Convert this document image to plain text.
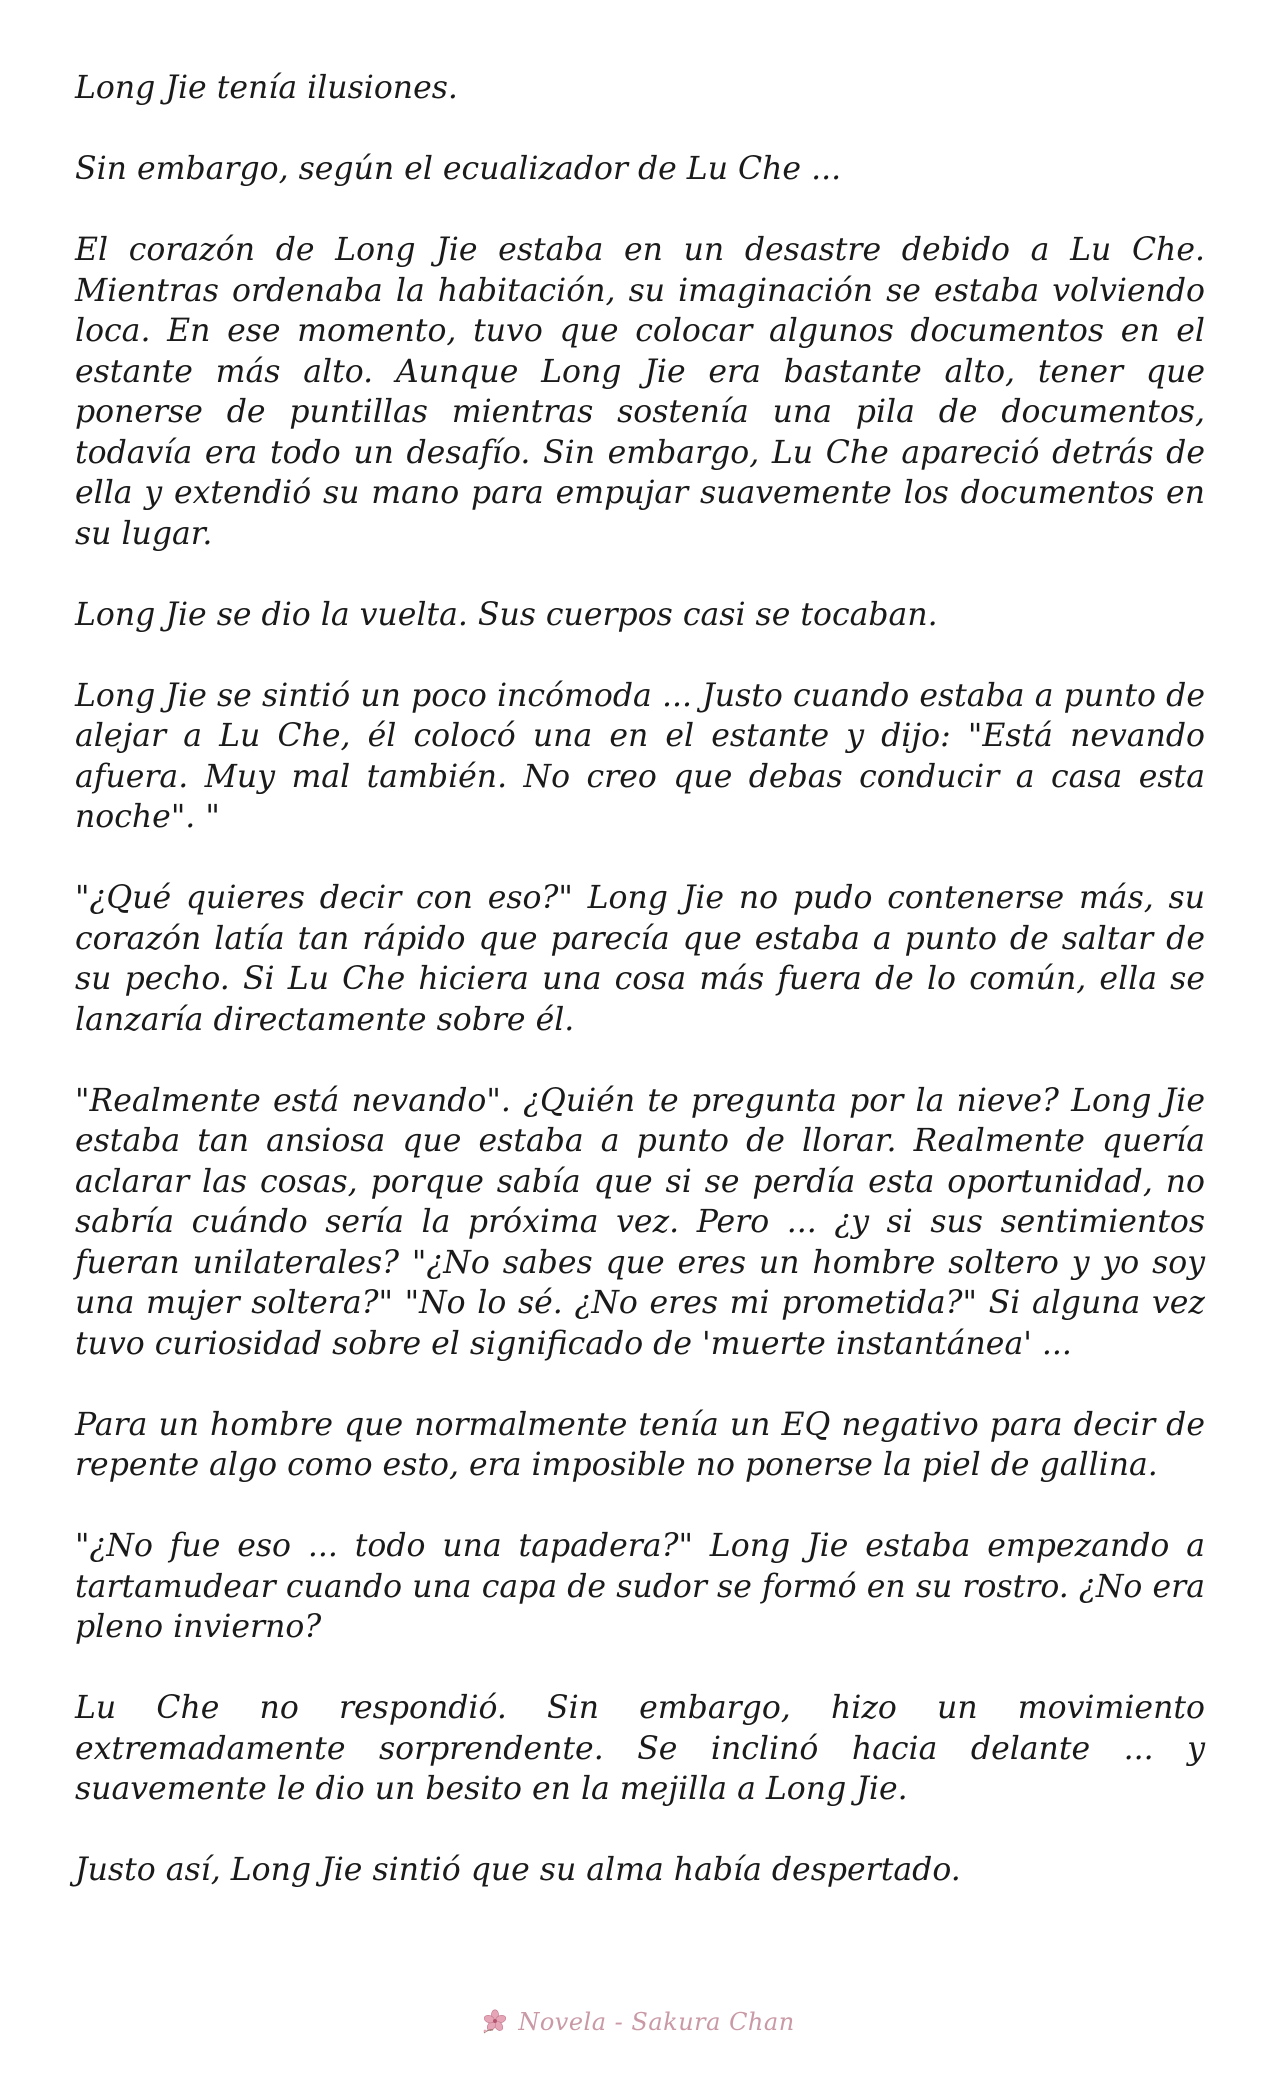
Long Jie tenía ilusiones.

Sin embargo, según el ecualizador de Lu Che ...

El corazón de Long Jie estaba en un desastre debido a Lu Che. Mientras ordenaba la habitación, su imaginación se estaba volviendo loca. En ese momento, tuvo que colocar algunos documentos en el estante más alto. Aunque Long Jie era bastante alto, tener que ponerse de puntillas mientras sostenía una pila de documentos, todavía era todo un desafío. Sin embargo, Lu Che apareció detrás de ella y extendió su mano para empujar suavemente los documentos en su lugar.

Long Jie se dio la vuelta. Sus cuerpos casi se tocaban.

Long Jie se sintió un poco incómoda ... Justo cuando estaba a punto de alejar a Lu Che, él colocó una en el estante y dijo: "Está nevando afuera. Muy mal también. No creo que debas conducir a casa esta noche". "

"¿Qué quieres decir con eso?" Long Jie no pudo contenerse más, su corazón latía tan rápido que parecía que estaba a punto de saltar de su pecho. Si Lu Che hiciera una cosa más fuera de lo común, ella se lanzaría directamente sobre él.

"Realmente está nevando". ¿Quién te pregunta por la nieve? Long Jie estaba tan ansiosa que estaba a punto de llorar. Realmente quería aclarar las cosas, porque sabía que si se perdía esta oportunidad, no sabría cuándo sería la próxima vez. Pero ... ¿y si sus sentimientos fueran unilaterales? "¿No sabes que eres un hombre soltero y yo soy una mujer soltera?" "No lo sé. ¿No eres mi prometida?" Si alguna vez tuvo curiosidad sobre el significado de 'muerte instantánea' ...

Para un hombre que normalmente tenía un EQ negativo para decir de repente algo como esto, era imposible no ponerse la piel de gallina.

"¿No fue eso ... todo una tapadera?" Long Jie estaba empezando a tartamudear cuando una capa de sudor se formó en su rostro. ¿No era pleno invierno?

Lu Che no respondió. Sin embargo, hizo un movimiento extremadamente sorprendente. Se inclinó hacia delante ... y suavemente le dio un besito en la mejilla a Long Jie.

Justo así, Long Jie sintió que su alma había despertado.

Novela - Sakura Chan
